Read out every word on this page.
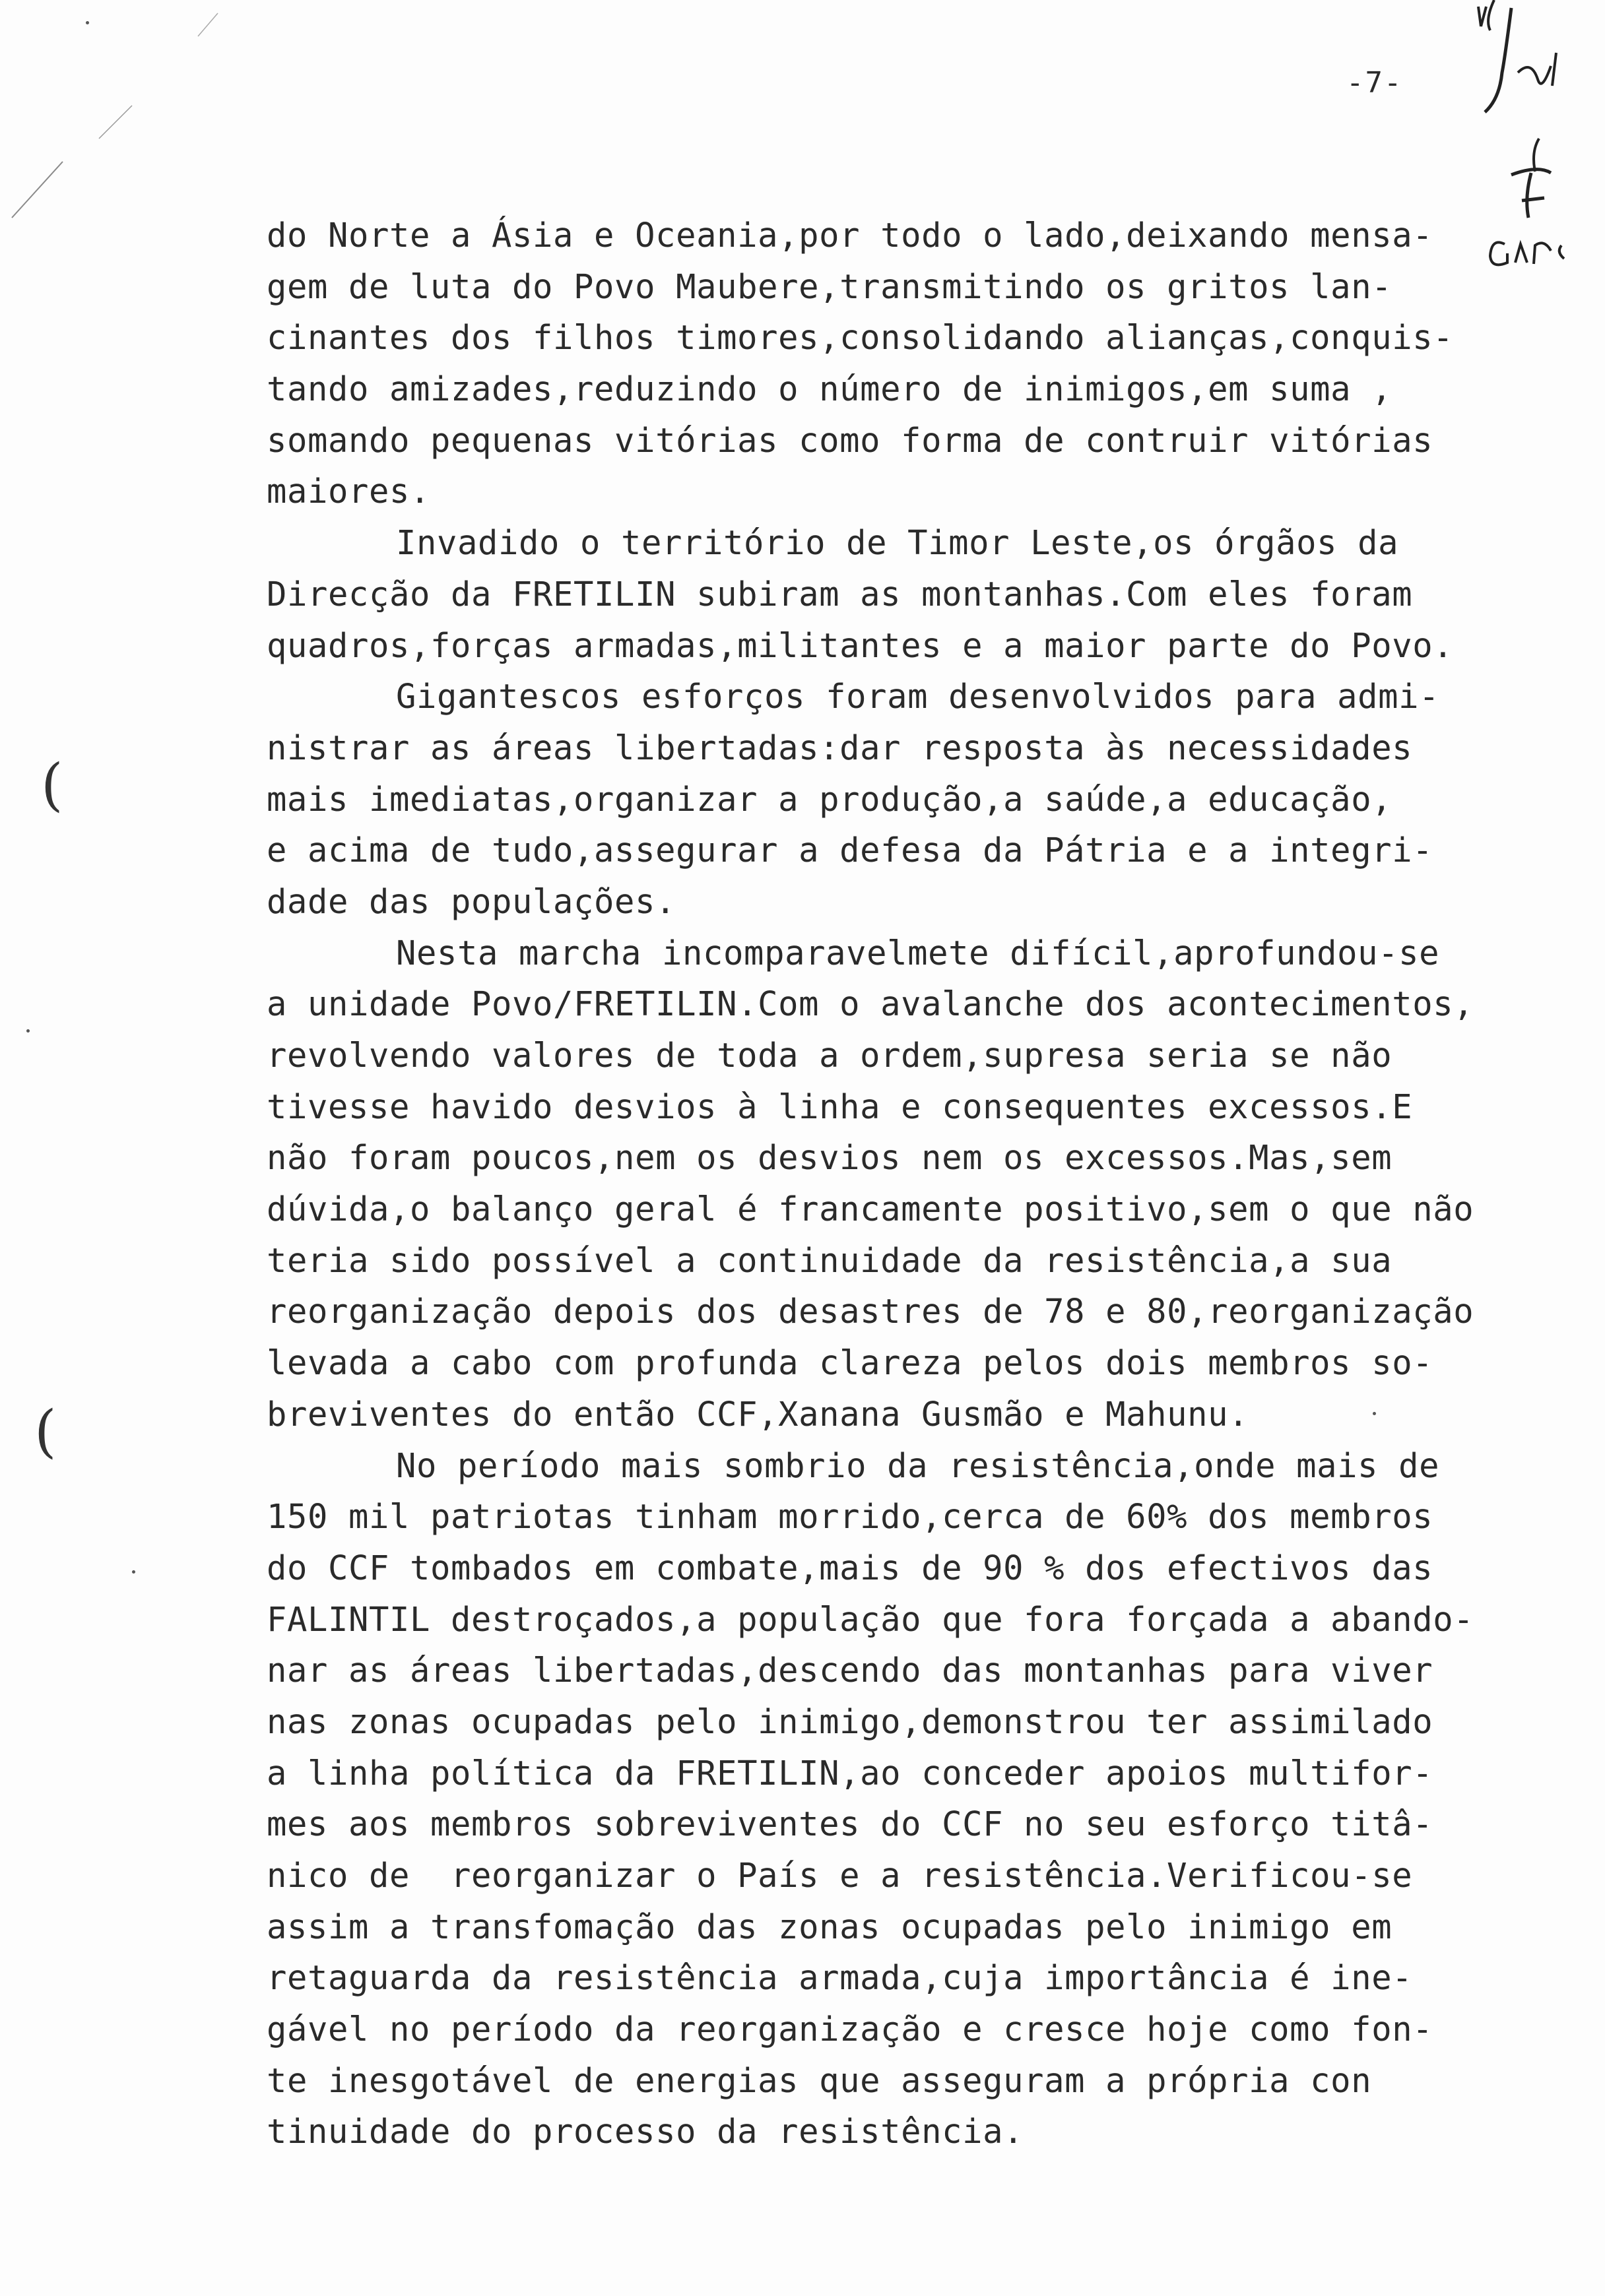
-7-
(
(
do Norte a Ásia e Oceania,por todo o lado,deixando mensa-
gem de luta do Povo Maubere,transmitindo os gritos lan-
cinantes dos filhos timores,consolidando alianças,conquis-
tando amizades,reduzindo o número de inimigos,em suma ,
somando pequenas vitórias como forma de contruir vitórias
maiores.
Invadido o território de Timor Leste,os órgãos da
Direcção da FRETILIN subiram as montanhas.Com eles foram
quadros,forças armadas,militantes e a maior parte do Povo.
Gigantescos esforços foram desenvolvidos para admi-
nistrar as áreas libertadas:dar resposta às necessidades
mais imediatas,organizar a produção,a saúde,a educação,
e acima de tudo,assegurar a defesa da Pátria e a integri-
dade das populações.
Nesta marcha incomparavelmete difícil,aprofundou-se
a unidade Povo/FRETILIN.Com o avalanche dos acontecimentos,
revolvendo valores de toda a ordem,supresa seria se não
tivesse havido desvios à linha e consequentes excessos.E
não foram poucos,nem os desvios nem os excessos.Mas,sem
dúvida,o balanço geral é francamente positivo,sem o que não
teria sido possível a continuidade da resistência,a sua
reorganização depois dos desastres de 78 e 80,reorganização
levada a cabo com profunda clareza pelos dois membros so-
breviventes do então CCF,Xanana Gusmão e Mahunu.
No período mais sombrio da resistência,onde mais de
150 mil patriotas tinham morrido,cerca de 60% dos membros
do CCF tombados em combate,mais de 90 % dos efectivos das
FALINTIL destroçados,a população que fora forçada a abando-
nar as áreas libertadas,descendo das montanhas para viver
nas zonas ocupadas pelo inimigo,demonstrou ter assimilado
a linha política da FRETILIN,ao conceder apoios multifor-
mes aos membros sobreviventes do CCF no seu esforço titâ-
nico de  reorganizar o País e a resistência.Verificou-se
assim a transfomação das zonas ocupadas pelo inimigo em
retaguarda da resistência armada,cuja importância é ine-
gável no período da reorganização e cresce hoje como fon-
te inesgotável de energias que asseguram a própria con
tinuidade do processo da resistência.
